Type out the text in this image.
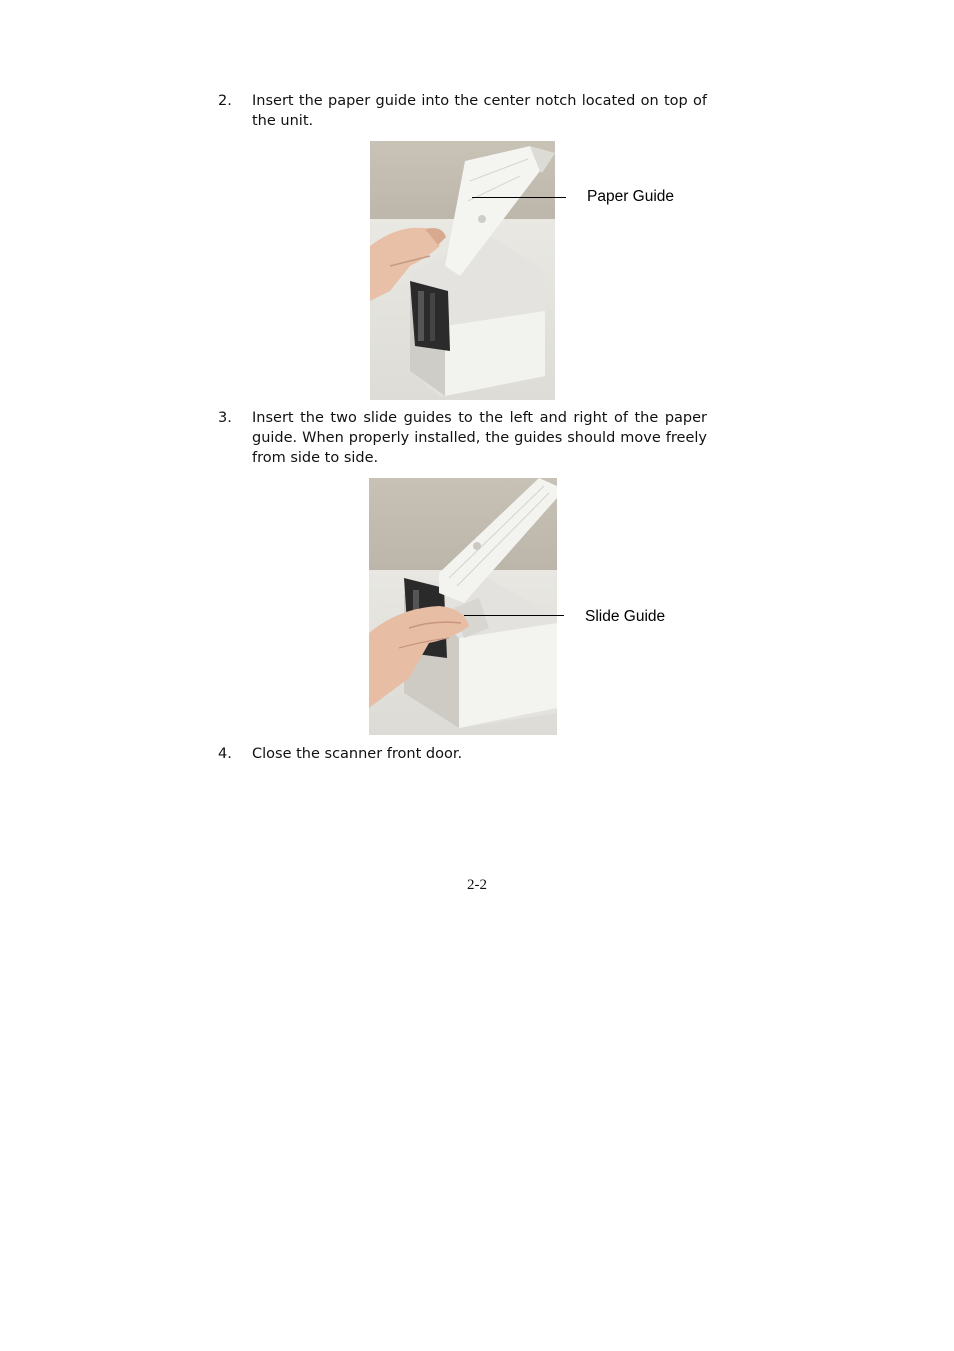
2. Insert the paper guide into the center notch located on top of the unit.
Paper Guide
3. Insert the two slide guides to the left and right of the paper guide. When properly installed, the guides should move freely from side to side.
Slide Guide
4. Close the scanner front door.
2-2
